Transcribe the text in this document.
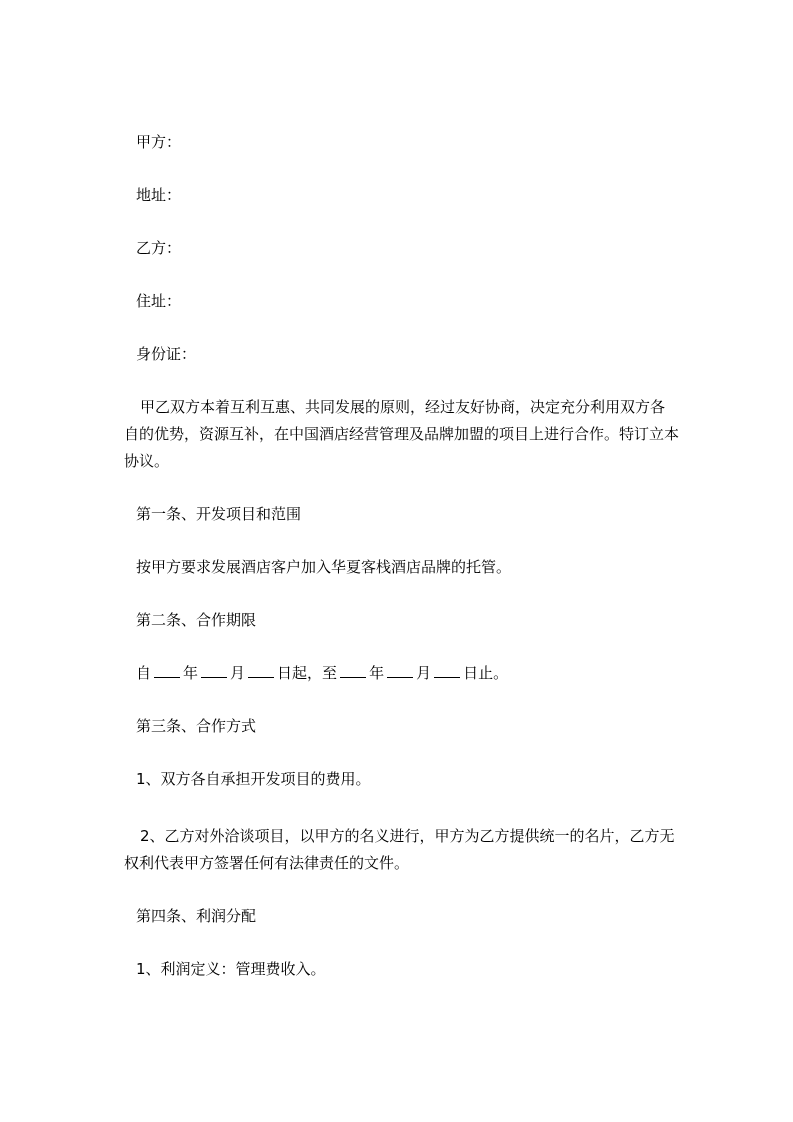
甲方：
地址：
乙方：
住址：
身份证：
甲乙双方本着互利互惠、共同发展的原则，经过友好协商，决定充分利用双方各
自的优势，资源互补，在中国酒店经营管理及品牌加盟的项目上进行合作。特订立本
协议。
第一条、开发项目和范围
按甲方要求发展酒店客户加入华夏客栈酒店品牌的托管。
第二条、合作期限
自 年 月 日起，至 年 月 日止。
第三条、合作方式
1、双方各自承担开发项目的费用。
2、乙方对外洽谈项目，以甲方的名义进行，甲方为乙方提供统一的名片，乙方无
权利代表甲方签署任何有法律责任的文件。
第四条、利润分配
1、利润定义：管理费收入。
